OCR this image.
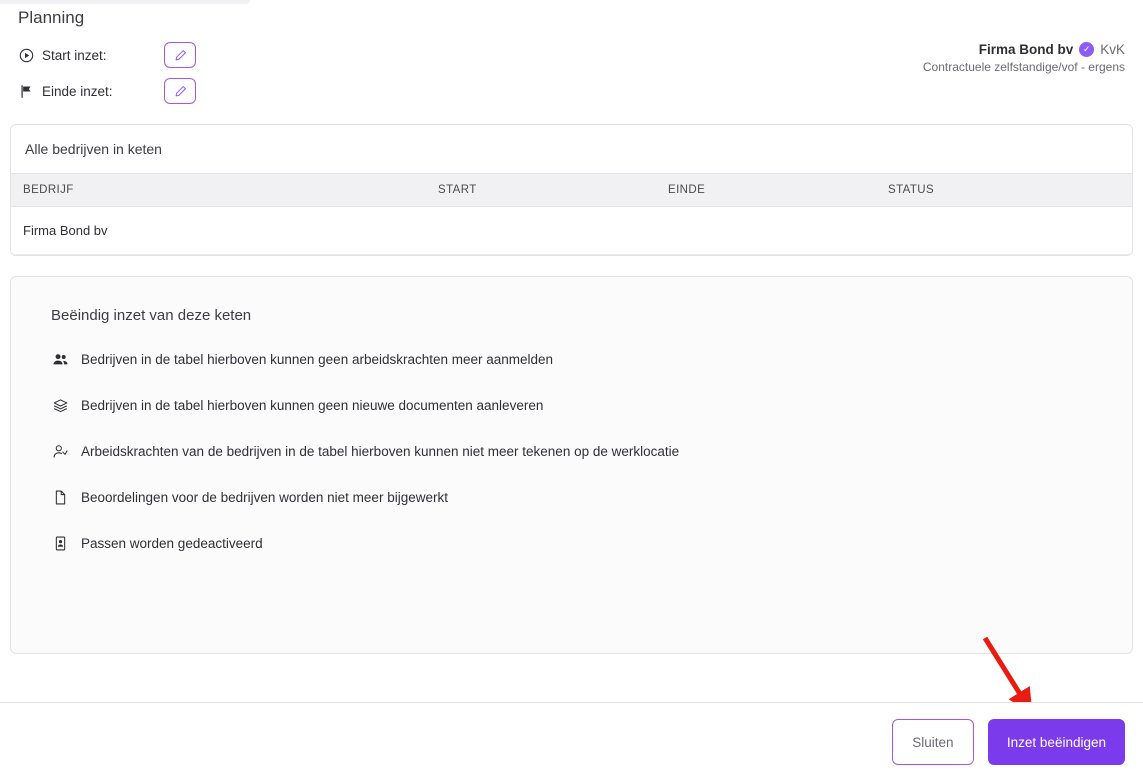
Planning
Start inzet:
Einde inzet:
Firma Bond bv	✓ KvK
Contractuele zelfstandige/vof - ergens
Alle bedrijven in keten
BEDRIJF	START	EINDE	STATUS
Firma Bond bv			
Beëindig inzet van deze keten
Bedrijven in de tabel hierboven kunnen geen arbeidskrachten meer aanmelden
Bedrijven in de tabel hierboven kunnen geen nieuwe documenten aanleveren
Arbeidskrachten van de bedrijven in de tabel hierboven kunnen niet meer tekenen op de werklocatie
Beoordelingen voor de bedrijven worden niet meer bijgewerkt
Passen worden gedeactiveerd
Sluiten	Inzet beëindigen
